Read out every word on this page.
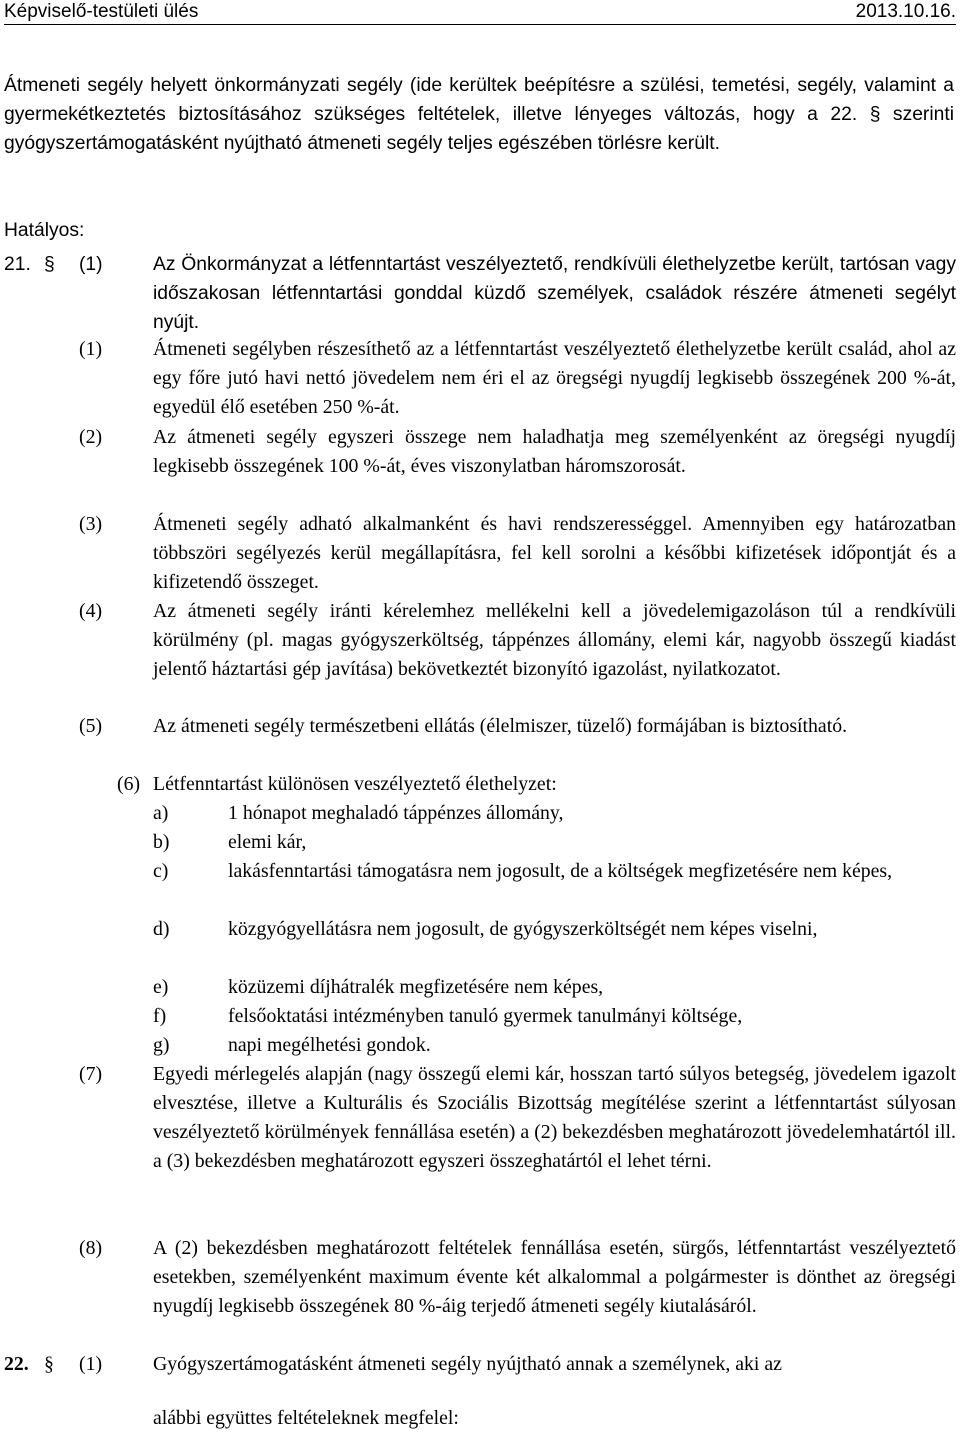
Képviselő-testületi ülés	2013.10.16.
Átmeneti segély helyett önkormányzati segély (ide kerültek beépítésre a szülési, temetési, segély, valamint a gyermekétkeztetés biztosításához szükséges feltételek, illetve lényeges változás, hogy a 22. § szerinti gyógyszertámogatásként nyújtható átmeneti segély teljes egészében törlésre került.
Hatályos:
21. § (1)	Az Önkormányzat a létfenntartást veszélyeztető, rendkívüli élethelyzetbe került, tartósan vagy időszakosan létfenntartási gonddal küzdő személyek, családok részére átmeneti segélyt nyújt.
(1)	Átmeneti segélyben részesíthető az a létfenntartást veszélyeztető élethelyzetbe került család, ahol az egy főre jutó havi nettó jövedelem nem éri el az öregségi nyugdíj legkisebb összegének 200 %-át, egyedül élő esetében 250 %-át.
(2)	Az átmeneti segély egyszeri összege nem haladhatja meg személyenként az öregségi nyugdíj legkisebb összegének 100 %-át, éves viszonylatban háromszorosát.
(3)	Átmeneti segély adható alkalmanként és havi rendszerességgel. Amennyiben egy határozatban többszöri segélyezés kerül megállapításra, fel kell sorolni a későbbi kifizetések időpontját és a kifizetendő összeget.
(4)	Az átmeneti segély iránti kérelemhez mellékelni kell a jövedelemigazoláson túl a rendkívüli körülmény (pl. magas gyógyszerköltség, táppénzes állomány, elemi kár, nagyobb összegű kiadást jelentő háztartási gép javítása) bekövetkeztét bizonyító igazolást, nyilatkozatot.
(5)	Az átmeneti segély természetbeni ellátás (élelmiszer, tüzelő) formájában is biztosítható.
(6) Létfenntartást különösen veszélyeztető élethelyzet:
a)	1 hónapot meghaladó táppénzes állomány,
b)	elemi kár,
c)	lakásfenntartási támogatásra nem jogosult, de a költségek megfizetésére nem képes,
d)	közgyógyellátásra nem jogosult, de gyógyszerköltségét nem képes viselni,
e)	közüzemi díjhátralék megfizetésére nem képes,
f)	felsőoktatási intézményben tanuló gyermek tanulmányi költsége,
g)	napi megélhetési gondok.
(7)	Egyedi mérlegelés alapján (nagy összegű elemi kár, hosszan tartó súlyos betegség, jövedelem igazolt elvesztése, illetve a Kulturális és Szociális Bizottság megítélése szerint a létfenntartást súlyosan veszélyeztető körülmények fennállása esetén) a (2) bekezdésben meghatározott jövedelemhatártól ill. a (3) bekezdésben meghatározott egyszeri összeghatártól el lehet térni.
(8)	A (2) bekezdésben meghatározott feltételek fennállása esetén, sürgős, létfenntartást veszélyeztető esetekben, személyenként maximum évente két alkalommal a polgármester is dönthet az öregségi nyugdíj legkisebb összegének 80 %-áig terjedő átmeneti segély kiutalásáról.
22. § (1)	Gyógyszertámogatásként átmeneti segély nyújtható annak a személynek, aki az
alábbi együttes feltételeknek megfelel:
